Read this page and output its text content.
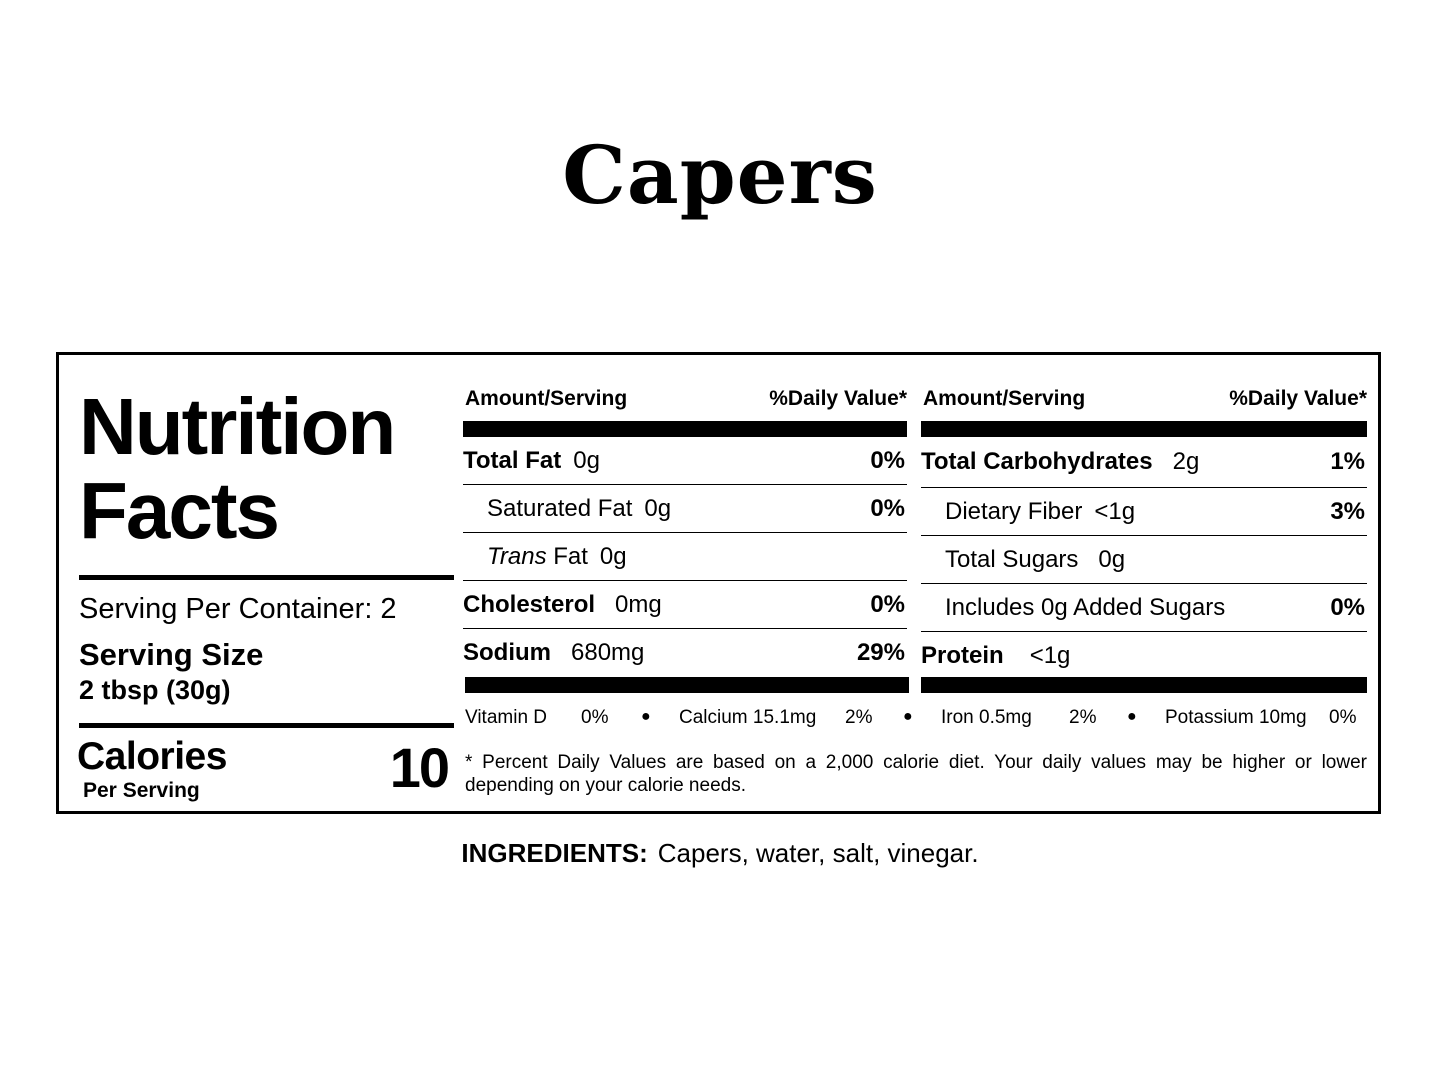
Capers
Nutrition
Facts
Serving Per Container: 2
Serving Size
2 tbsp (30g)
Calories
Per Serving	10
Amount/Serving	%Daily Value*
Total Fat 0g	0%
Saturated Fat 0g	0%
Trans Fat 0g
Cholesterol 0mg	0%
Sodium 680mg	29%
Amount/Serving	%Daily Value*
Total Carbohydrates 2g	1%
Dietary Fiber <1g	3%
Total Sugars 0g
Includes 0g Added Sugars	0%
Protein <1g
Vitamin D 0% ● Calcium 15.1mg 2% ● Iron 0.5mg 2% ● Potassium 10mg 0%
* Percent Daily Values are based on a 2,000 calorie diet. Your daily values may be higher or lower depending on your calorie needs.
INGREDIENTS: Capers, water, salt, vinegar.
